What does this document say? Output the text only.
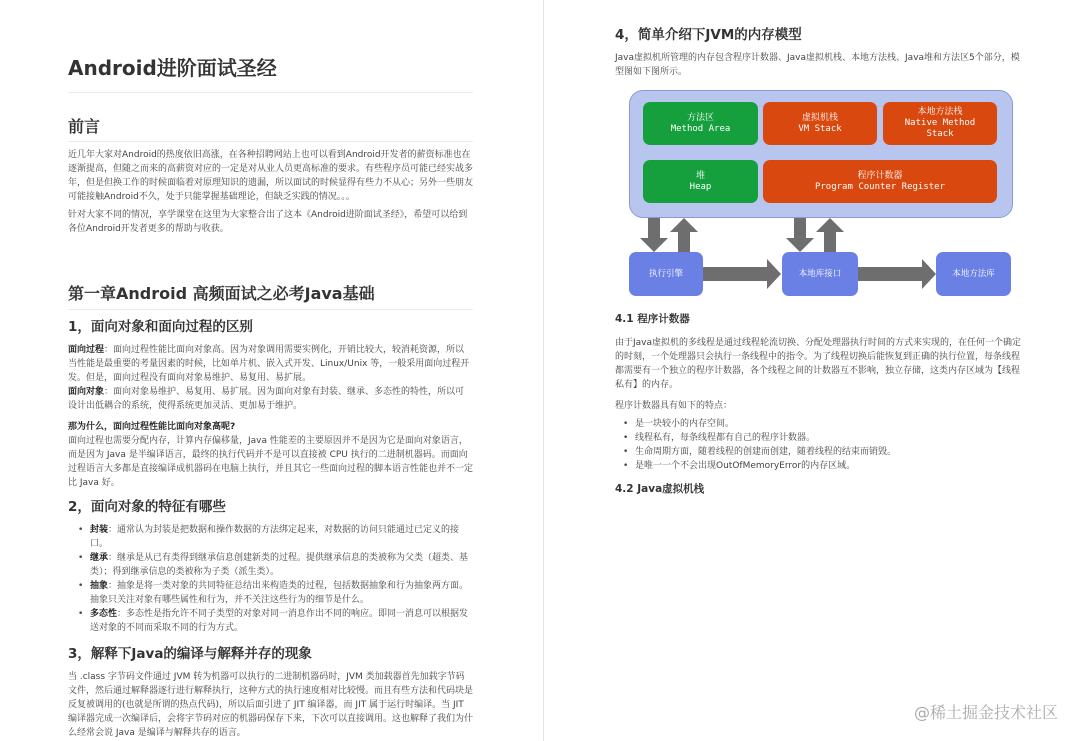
Android进阶面试圣经
前言
近几年大家对Android的热度依旧高涨，在各种招聘网站上也可以看到Android开发者的薪资标准也在逐渐提高，但随之而来的高薪资对应的一定是对从业人员更高标准的要求。有些程序员可能已经实战多年，但是但换工作的时候面临着对原理知识的遗漏，所以面试的时候显得有些力不从心；另外一些朋友可能接触Android不久，处于只能掌握基础理论，但缺乏实践的情况。。。
针对大家不同的情况，享学课堂在这里为大家整合出了这本《Android进阶面试圣经》，希望可以给到各位Android开发者更多的帮助与收获。
第一章Android 高频面试之必考Java基础
1，面向对象和面向过程的区别
面向过程：面向过程性能比面向对象高。因为对象调用需要实例化，开销比较大，较消耗资源，所以当性能是最重要的考量因素的时候，比如单片机、嵌入式开发、Linux/Unix 等，一般采用面向过程开发。但是，面向过程没有面向对象易维护、易复用、易扩展。
面向对象：面向对象易维护、易复用、易扩展。因为面向对象有封装、继承、多态性的特性，所以可设计出低耦合的系统，使得系统更加灵活、更加易于维护。
那为什么，面向过程性能比面向对象高呢?
面向过程也需要分配内存，计算内存偏移量，Java 性能差的主要原因并不是因为它是面向对象语言，而是因为 Java 是半编译语言，最终的执行代码并不是可以直接被 CPU 执行的二进制机器码。而面向过程语言大多都是直接编译成机器码在电脑上执行，并且其它一些面向过程的脚本语言性能也并不一定比 Java 好。
2，面向对象的特征有哪些
• 封装：通常认为封装是把数据和操作数据的方法绑定起来，对数据的访问只能通过已定义的接口。
• 继承：继承是从已有类得到继承信息创建新类的过程。提供继承信息的类被称为父类（超类、基类）；得到继承信息的类被称为子类（派生类）。
• 抽象：抽象是将一类对象的共同特征总结出来构造类的过程，包括数据抽象和行为抽象两方面。抽象只关注对象有哪些属性和行为，并不关注这些行为的细节是什么。
• 多态性：多态性是指允许不同子类型的对象对同一消息作出不同的响应。即同一消息可以根据发送对象的不同而采取不同的行为方式。
3，解释下Java的编译与解释并存的现象
当 .class 字节码文件通过 JVM 转为机器可以执行的二进制机器码时，JVM 类加载器首先加载字节码文件，然后通过解释器逐行进行解释执行，这种方式的执行速度相对比较慢。而且有些方法和代码块是反复被调用的(也就是所谓的热点代码)，所以后面引进了 JIT 编译器，而 JIT 属于运行时编译。当 JIT 编译器完成一次编译后，会将字节码对应的机器码保存下来，下次可以直接调用。这也解释了我们为什么经常会说 Java 是编译与解释共存的语言。
4，简单介绍下JVM的内存模型
Java虚拟机所管理的内存包含程序计数器、Java虚拟机栈、本地方法栈、Java堆和方法区5个部分，模型图如下图所示。
方法区
Method Area
虚拟机栈
VM Stack
本地方法栈
Native Method
Stack
堆
Heap
程序计数器
Program Counter Register
执行引擎	本地库接口	本地方法库
4.1 程序计数器
由于Java虚拟机的多线程是通过线程轮流切换、分配处理器执行时间的方式来实现的，在任何一个确定的时刻，一个处理器只会执行一条线程中的指令。为了线程切换后能恢复到正确的执行位置，每条线程都需要有一个独立的程序计数器，各个线程之间的计数器互不影响，独立存储，这类内存区域为【线程私有】的内存。
程序计数器具有如下的特点：
• 是一块较小的内存空间。
• 线程私有，每条线程都有自己的程序计数器。
• 生命周期方面，随着线程的创建而创建，随着线程的结束而销毁。
• 是唯一一个不会出现OutOfMemoryError的内存区域。
4.2 Java虚拟机栈
@稀土掘金技术社区
